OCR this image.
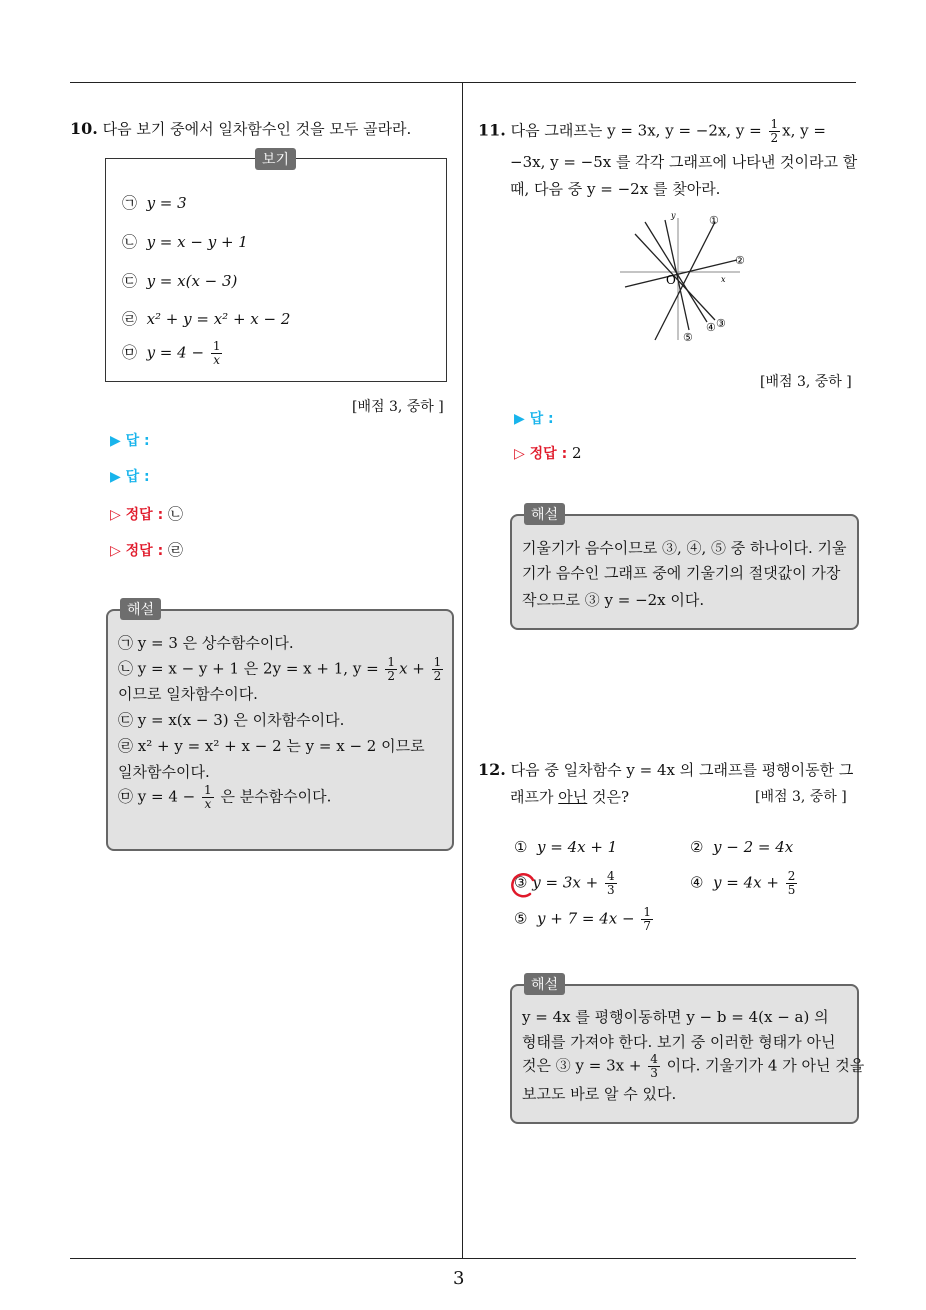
3
10. 다음 보기 중에서 일차함수인 것을 모두 골라라.
보기
㉠ y = 3
㉡ y = x − y + 1
㉢ y = x(x − 3)
㉣ x² + y = x² + x − 2
㉤ $y = 4 - \frac{1}{x}$
[배점 3, 중하 ]
▶ 답 :
▶ 답 :
▷ 정답 : ㉡
▷ 정답 : ㉣
해설
㉠ y = 3 은 상수함수이다.
㉡ y = x − y + 1 은 2y = x + 1, $y = \frac{1}{2}$ $x + \frac{1}{2}$
이므로 일차함수이다.
㉢ y = x(x − 3) 은 이차함수이다.
㉣ x² + y = x² + x − 2 는 y = x − 2 이므로
일차함수이다.
㉤ $y = 4 - \frac{1}{x}$ 은 분수함수이다.
11. 다음 그래프는 y = 3x, y = −2x, $y = \frac{1}{2} x$, y =
−3x, y = −5x 를 각각 그래프에 나타낸 것이라고 할
때, 다음 중 y = −2x 를 찾아라.
y
x
O
①
②
③
④
⑤
[배점 3, 중하 ]
▶ 답 :
▷ 정답 : 2
해설
기울기가 음수이므로 ③, ④, ⑤ 중 하나이다. 기울
기가 음수인 그래프 중에 기울기의 절댓값이 가장
작으므로 ③ y = −2x 이다.
12. 다음 중 일차함수 y = 4x 의 그래프를 평행이동한 그
래프가 아닌 것은?	[배점 3, 중하 ]
① y = 4x + 1	② y − 2 = 4x
③ $y = 3x + \frac{4}{3}$	④ $y = 4x + \frac{2}{5}$
⑤ $y + 7 = 4x - \frac{1}{7}$
해설
y = 4x 를 평행이동하면 y − b = 4(x − a) 의
형태를 가져야 한다. 보기 중 이러한 형태가 아닌
것은 ③ $y = 3x + \frac{4}{3}$ 이다. 기울기가 4 가 아닌 것을
보고도 바로 알 수 있다.
